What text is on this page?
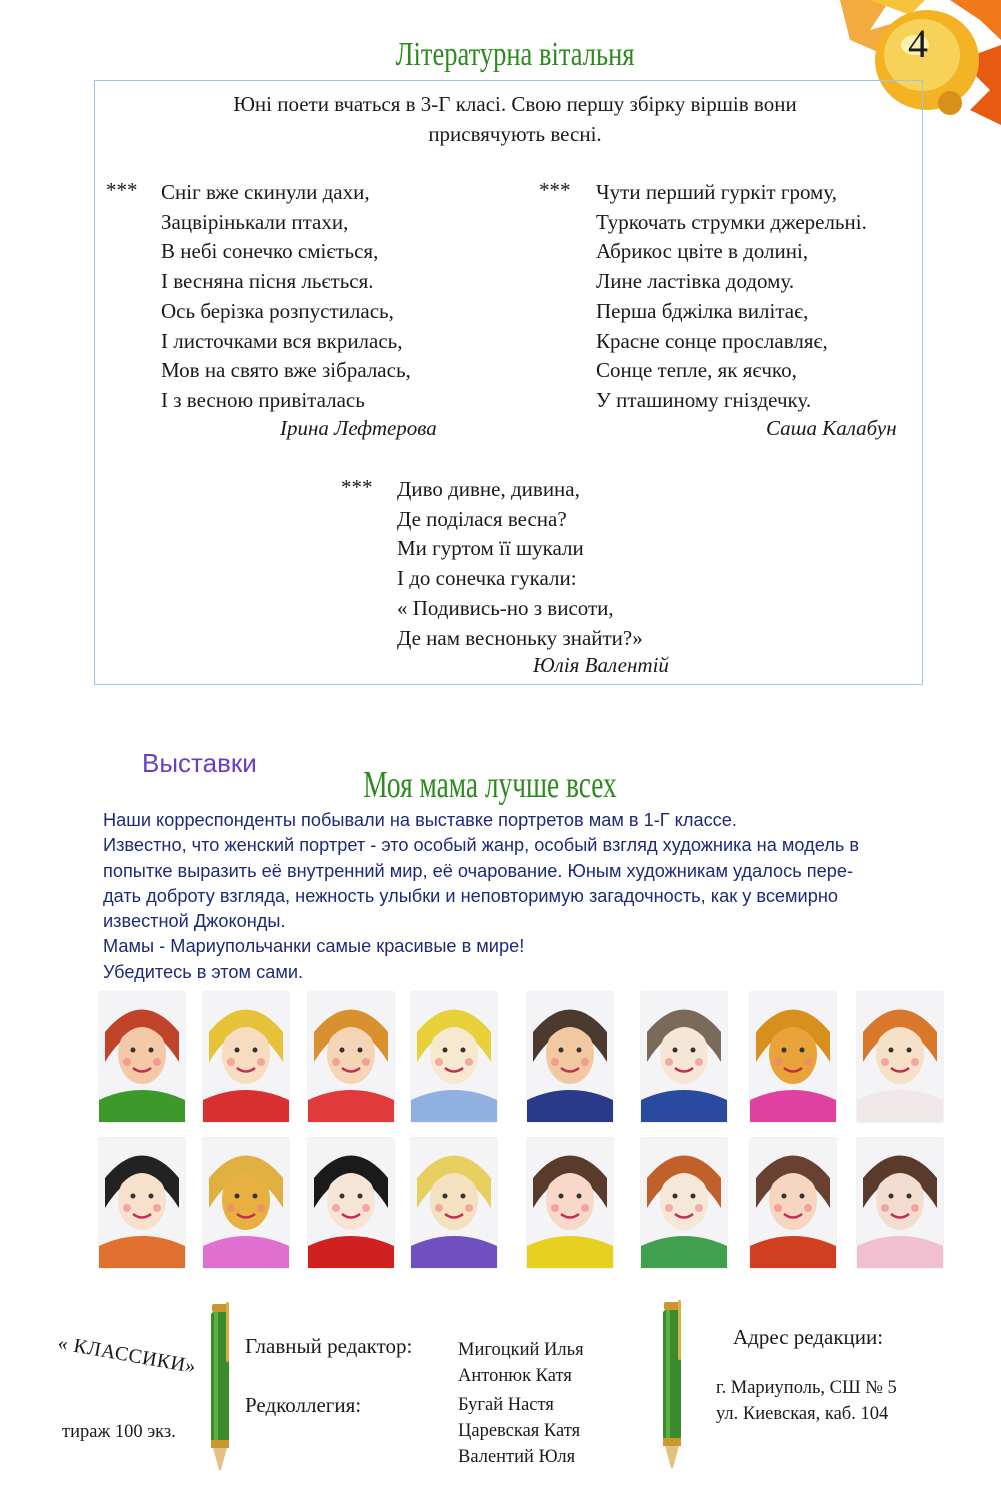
4
Літературна вітальня
Юні поети вчаться в 3-Г класі. Свою першу збірку віршів вони
присвячують весні.
*** Сніг вже скинули дахи,
Зацвірінькали птахи,
В небі сонечко сміється,
І весняна пісня льється.
Ось берізка розпустилась,
І листочками вся вкрилась,
Мов на свято вже зібралась,
І з весною привіталась
Ірина Лефтерова
*** Чути перший гуркіт грому,
Туркочать струмки джерельні.
Абрикос цвіте в долині,
Лине ластівка додому.
Перша бджілка вилітає,
Красне сонце прославляє,
Сонце тепле, як яєчко,
У пташиному гніздечку.
Саша Калабун
*** Диво дивне, дивина,
Де поділася весна?
Ми гуртом її шукали
І до сонечка гукали:
« Подивись-но з висоти,
Де нам весноньку знайти?»
Юлія Валентій
Выставки
Моя мама лучше всех

Наши корреспонденты побывали на выставке портретов мам в 1-Г классе.

Известно, что женский портрет - это особый жанр, особый взгляд художника на модель в

попытке выразить её внутренний мир, её очарование. Юным художникам удалось пере-

дать доброту взгляда, нежность улыбки и неповторимую загадочность, как у всемирно

известной Джоконды.

Мамы - Мариупольчанки самые красивые в мире!

Убедитесь в этом сами.

« КЛАССИКИ»
тираж 100 экз.
Главный редактор: Мигоцкий Илья
Антонюк Катя
Редколлегия:	Бугай Настя
Царевская Катя
Валентий Юля
Адрес редакции:
г. Мариуполь, СШ № 5
ул. Киевская, каб. 104
